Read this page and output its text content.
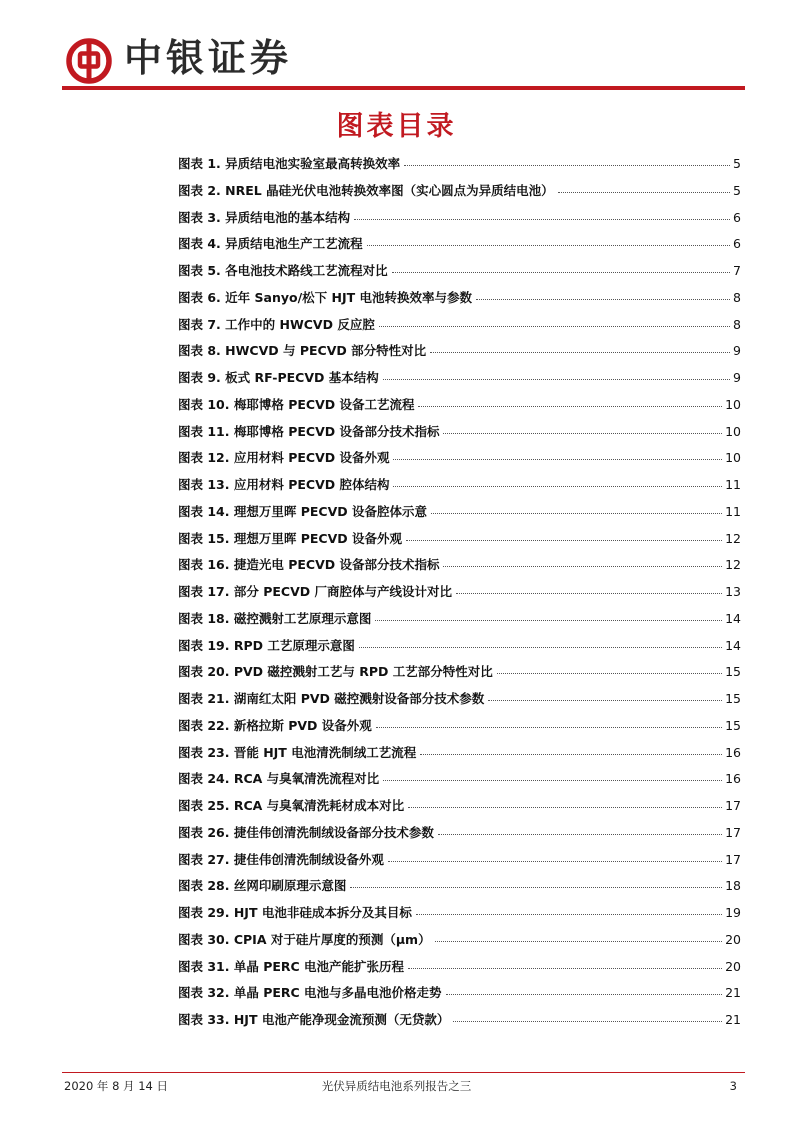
中银证券
图表目录
图表 1. 异质结电池实验室最高转换效率	5
图表 2. NREL 晶硅光伏电池转换效率图（实心圆点为异质结电池）	5
图表 3. 异质结电池的基本结构	6
图表 4. 异质结电池生产工艺流程	6
图表 5. 各电池技术路线工艺流程对比	7
图表 6. 近年 Sanyo/松下 HJT 电池转换效率与参数	8
图表 7. 工作中的 HWCVD 反应腔	8
图表 8. HWCVD 与 PECVD 部分特性对比	9
图表 9. 板式 RF-PECVD 基本结构	9
图表 10. 梅耶博格 PECVD 设备工艺流程	10
图表 11. 梅耶博格 PECVD 设备部分技术指标	10
图表 12. 应用材料 PECVD 设备外观	10
图表 13. 应用材料 PECVD 腔体结构	11
图表 14. 理想万里晖 PECVD 设备腔体示意	11
图表 15. 理想万里晖 PECVD 设备外观	12
图表 16. 捷造光电 PECVD 设备部分技术指标	12
图表 17. 部分 PECVD 厂商腔体与产线设计对比	13
图表 18. 磁控溅射工艺原理示意图	14
图表 19. RPD 工艺原理示意图	14
图表 20. PVD 磁控溅射工艺与 RPD 工艺部分特性对比	15
图表 21. 湖南红太阳 PVD 磁控溅射设备部分技术参数	15
图表 22. 新格拉斯 PVD 设备外观	15
图表 23. 晋能 HJT 电池清洗制绒工艺流程	16
图表 24. RCA 与臭氧清洗流程对比	16
图表 25. RCA 与臭氧清洗耗材成本对比	17
图表 26. 捷佳伟创清洗制绒设备部分技术参数	17
图表 27. 捷佳伟创清洗制绒设备外观	17
图表 28. 丝网印刷原理示意图	18
图表 29. HJT 电池非硅成本拆分及其目标	19
图表 30. CPIA 对于硅片厚度的预测（μm）	20
图表 31. 单晶 PERC 电池产能扩张历程	20
图表 32. 单晶 PERC 电池与多晶电池价格走势	21
图表 33. HJT 电池产能净现金流预测（无贷款）	21
2020 年 8 月 14 日	光伏异质结电池系列报告之三	3
